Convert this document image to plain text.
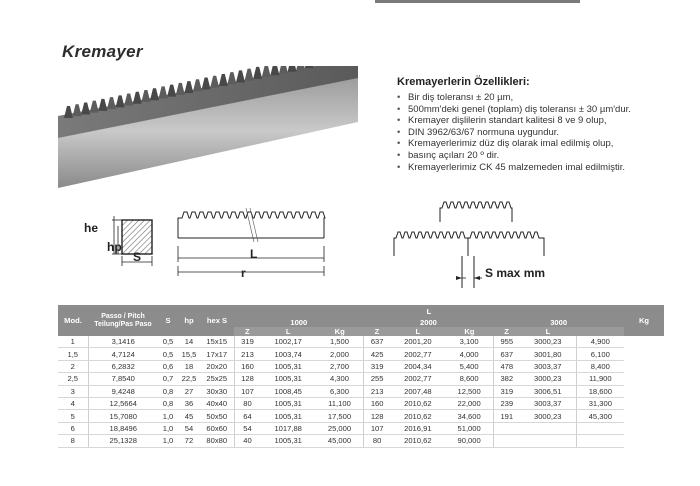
Kremayer
Kremayerlerin Özellikleri:
• Bir diş toleransı ± 20 µm,
• 500mm'deki genel (toplam) diş toleransı ± 30 µm'dur.
• Kremayer dişlilerin standart kalitesi 8 ve 9 olup,
• DIN 3962/63/67 normuna uygundur.
• Kremayerlerimiz düz diş olarak imal edilmiş olup,
• basınç açıları 20 º dir.
• Kremayerlerimiz CK 45 malzemeden imal edilmiştir.
he
hp
S	L
r	S max mm
Mod.	Passo / Pitch Teilung/Pas Paso	S	hp	hex S	L									Kg
					1000			2000			3000			
					Z	L	Kg	Z	L	Kg	Z	L		
1	3,1416	0,5	14	15x15	319	1002,17	1,500	637	2001,20	3,100	955	3000,23	4,900	
1,5	4,7124	0,5	15,5	17x17	213	1003,74	2,000	425	2002,77	4,000	637	3001,80	6,100	
2	6,2832	0,6	18	20x20	160	1005,31	2,700	319	2004,34	5,400	478	3003,37	8,400	
2,5	7,8540	0,7	22,5	25x25	128	1005,31	4,300	255	2002,77	8,600	382	3000,23	11,900	
3	9,4248	0,8	27	30x30	107	1008,45	6,300	213	2007,48	12,500	319	3006,51	18,600	
4	12,5664	0,8	36	40x40	80	1005,31	11,100	160	2010,62	22,000	239	3003,37	31,300	
5	15,7080	1,0	45	50x50	64	1005,31	17,500	128	2010,62	34,600	191	3000,23	45,300	
6	18,8496	1,0	54	60x60	54	1017,88	25,000	107	2016,91	51,000				
8	25,1328	1,0	72	80x80	40	1005,31	45,000	80	2010,62	90,000				
